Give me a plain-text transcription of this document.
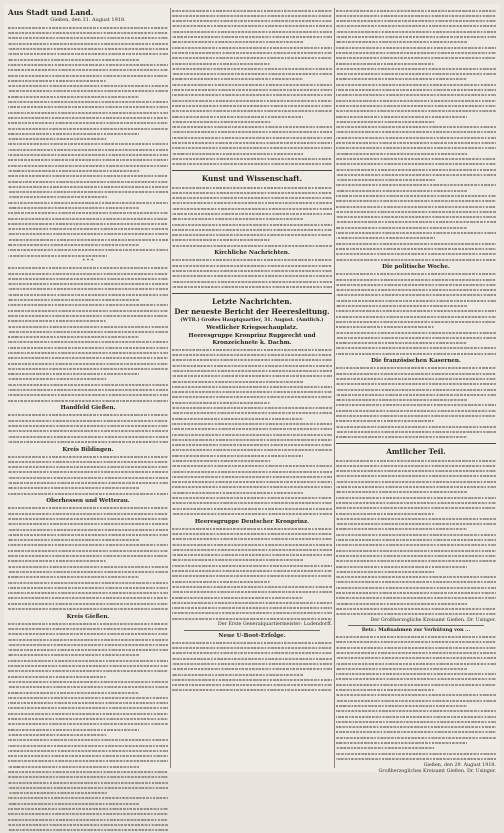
Aus Stadt und Land.
Gießen, den 31. August 1918.
* * *
Handfeld Gießen.
Kreis Bildingen.
Oberhessen und Wetterau.
Kreis Gießen.
Kunst und Wissenschaft.
Kirchliche Nachrichten.
Letzte Nachrichten.
Der neueste Bericht der Heeresleitung.
(WTB.) Großes Hauptquartier, 31. August. (Amtlich.)
Westlicher Kriegsschauplatz.
Heeresgruppe Kronprinz Rupprecht und Kronzeichnete k. Dachm.
Heeresgruppe Deutscher Kronprinz.
Der Erste Generalquartiermeister: Ludendorff.
Neue U-Boot-Erfolge.
Die politische Woche.
Die französischen Kasernen.
Amtlicher Teil.
Der Großherzogliche Kreisamt Gießen. Dr. Usinger.
Betr.: Maßnahmen zur Verhütung von ...
Gießen, den 29. August 1918.
Großherzogliches Kreisamt Gießen. Dr. Usinger.
